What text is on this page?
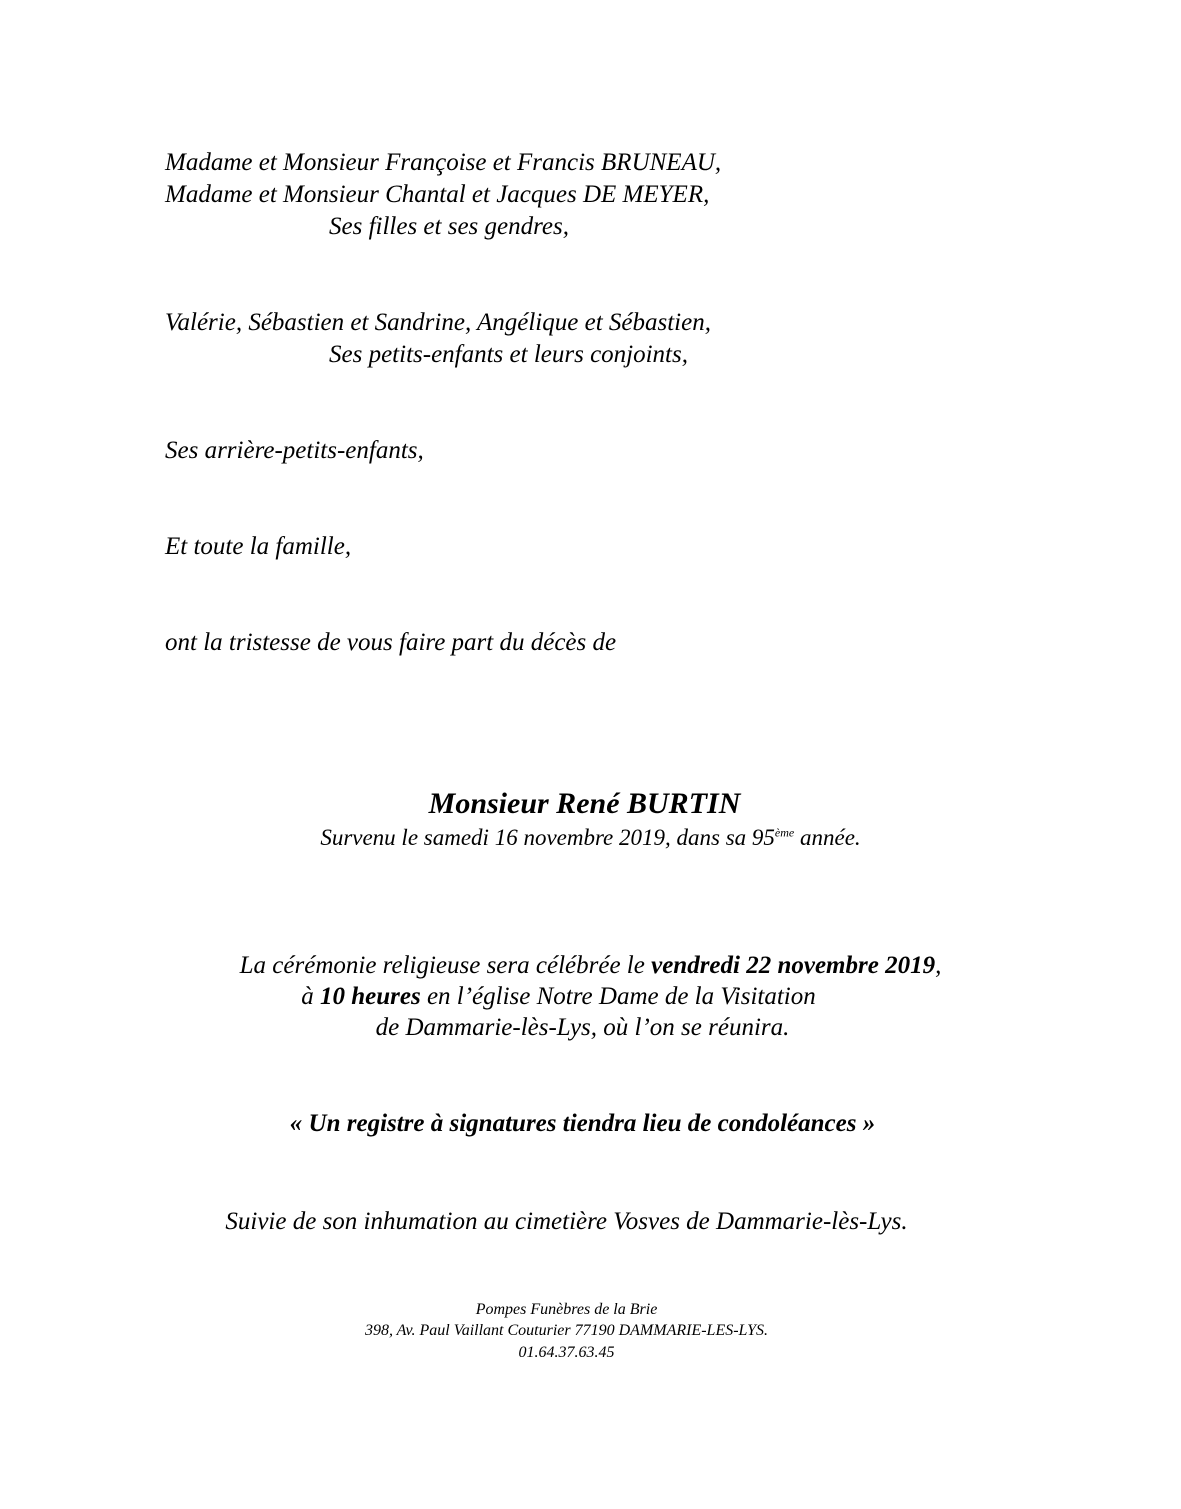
Madame et Monsieur Françoise et Francis BRUNEAU,
Madame et Monsieur Chantal et Jacques DE MEYER,
Ses filles et ses gendres,
Valérie, Sébastien et Sandrine, Angélique et Sébastien,
Ses petits-enfants et leurs conjoints,
Ses arrière-petits-enfants,
Et toute la famille,
ont la tristesse de vous faire part du décès de
Monsieur René BURTIN
Survenu le samedi 16 novembre 2019, dans sa 95ème année.
La cérémonie religieuse sera célébrée le vendredi 22 novembre 2019,
à 10 heures en l’église Notre Dame de la Visitation
de Dammarie-lès-Lys, où l’on se réunira.
« Un registre à signatures tiendra lieu de condoléances »
Suivie de son inhumation au cimetière Vosves de Dammarie-lès-Lys.
Pompes Funèbres de la Brie
398, Av. Paul Vaillant Couturier 77190 DAMMARIE-LES-LYS.
01.64.37.63.45
